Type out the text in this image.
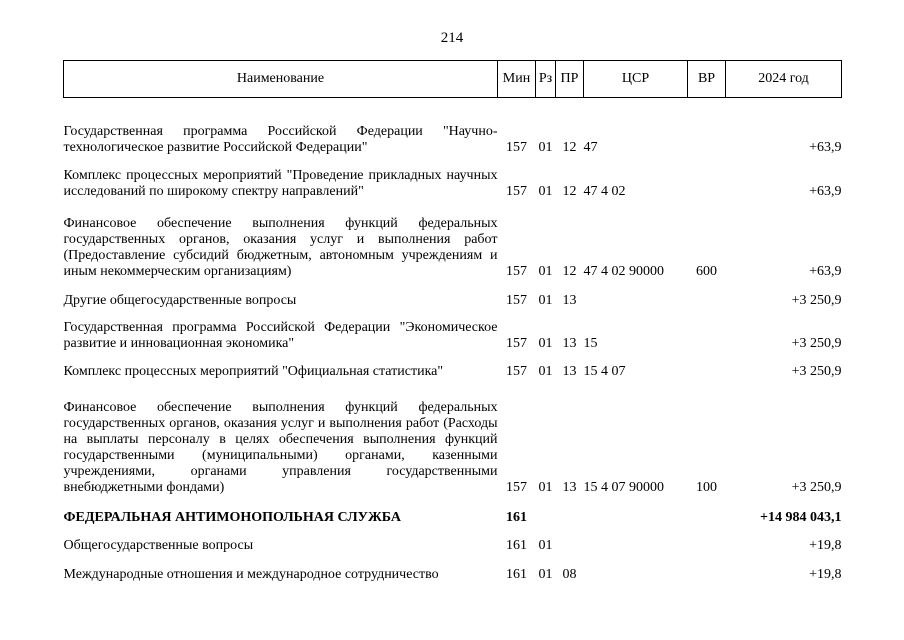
214
Наименование	Мин	Рз	ПР	ЦСР	ВР	2024 год

Государственная программа Российской Федерации "Научно-технологическое развитие Российской Федерации"	157	01	12	47		+63,9

Комплекс процессных мероприятий "Проведение прикладных научных исследований по широкому спектру направлений"	157	01	12	47 4 02		+63,9

Финансовое обеспечение выполнения функций федеральных государственных органов, оказания услуг и выполнения работ (Предоставление субсидий бюджетным, автономным учреждениям и иным некоммерческим организациям)	157	01	12	47 4 02 90000	600	+63,9

Другие общегосударственные вопросы	157	01	13			+3 250,9

Государственная программа Российской Федерации "Экономическое развитие и инновационная экономика"	157	01	13	15		+3 250,9

Комплекс процессных мероприятий "Официальная статистика"	157	01	13	15 4 07		+3 250,9

Финансовое обеспечение выполнения функций федеральных государственных органов, оказания услуг и выполнения работ (Расходы на выплаты персоналу в целях обеспечения выполнения функций государственными (муниципальными) органами, казенными учреждениями, органами управления государственными внебюджетными фондами)	157	01	13	15 4 07 90000	100	+3 250,9

ФЕДЕРАЛЬНАЯ АНТИМОНОПОЛЬНАЯ СЛУЖБА	161					+14 984 043,1

Общегосударственные вопросы	161	01				+19,8

Международные отношения и международное сотрудничество	161	01	08			+19,8
